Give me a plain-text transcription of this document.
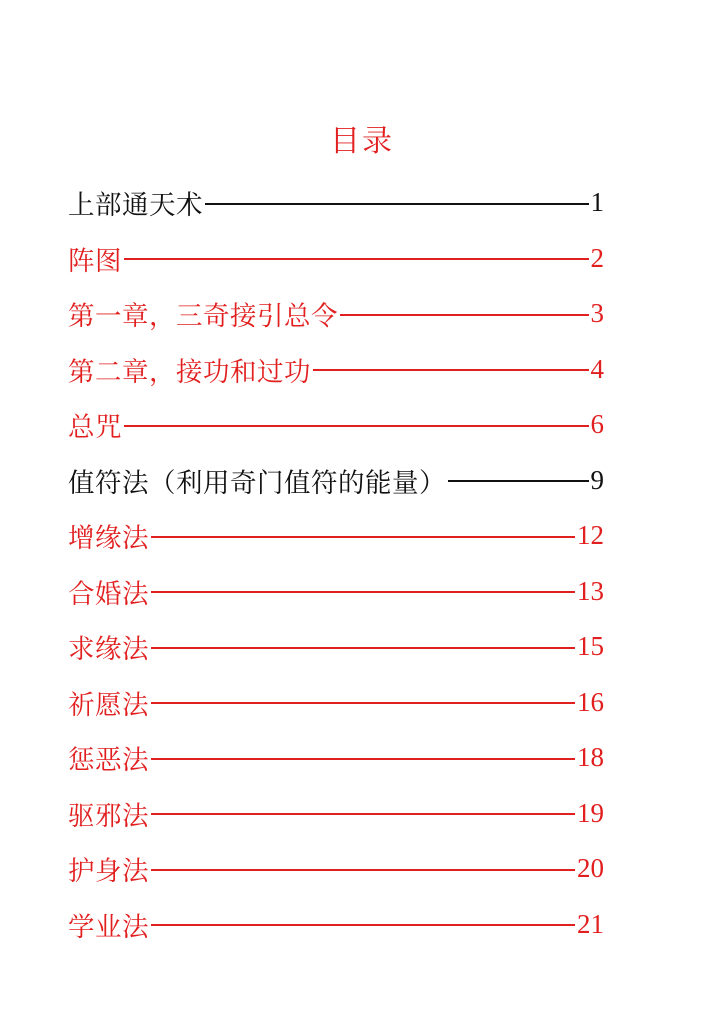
目录
上部通天术	1
阵图	2
第一章，三奇接引总令	3
第二章，接功和过功	4
总咒	6
值符法（利用奇门值符的能量）	9
增缘法	12
合婚法	13
求缘法	15
祈愿法	16
惩恶法	18
驱邪法	19
护身法	20
学业法	21
